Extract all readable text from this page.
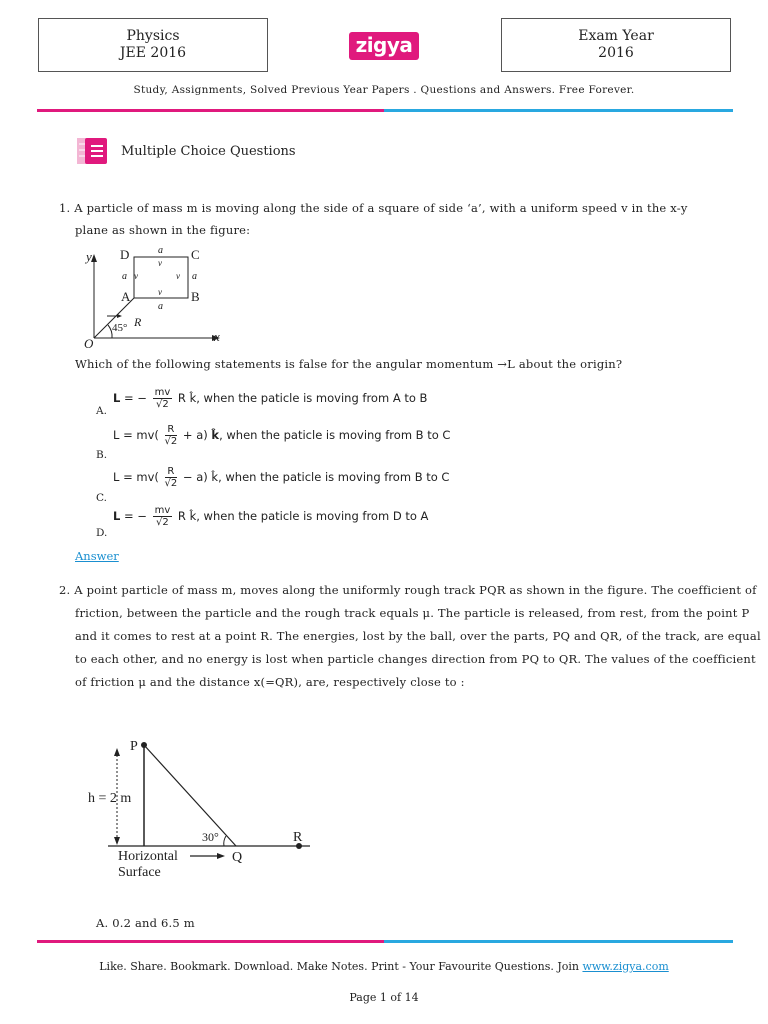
Physics
JEE 2016	zigya	Exam Year
2016
Study, Assignments, Solved Previous Year Papers . Questions and Answers. Free Forever.
Multiple Choice Questions
1. A particle of mass m is moving along the side of a square of side ‘a’, with a uniform speed v in the x-y
plane as shown in the figure:
y
x
O
A	B
C
D	a
v
a v	v a
v
a
45° R
Which of the following statements is false for the angular momentum →L about the origin?
L = − $\frac{mv}{√2}$ R k̂, when the paticle is moving from A to B
A.
$L = mv( \frac{R}{√2} + a)$ k̂, when the paticle is moving from B to C
B.
$L = mv( \frac{R}{√2} - a)$ k̂, when the paticle is moving from B to C
C.
L = − $\frac{mv}{√2}$ R k̂, when the paticle is moving from D to A
D.
Answer
2. A point particle of mass m, moves along the uniformly rough track PQR as shown in the figure. The coefficient of
friction, between the particle and the rough track equals μ. The particle is released, from rest, from the point P
and it comes to rest at a point R. The energies, lost by the ball, over the parts, PQ and QR, of the track, are equal
to each other, and no energy is lost when particle changes direction from PQ to QR. The values of the coefficient
of friction μ and the distance x(=QR), are, respectively close to :
P
Q
R
h = 2 m
30°
Horizontal
Surface
A. 0.2 and 6.5 m
Like. Share. Bookmark. Download. Make Notes. Print - Your Favourite Questions. Join www.zigya.com
Page 1 of 14
